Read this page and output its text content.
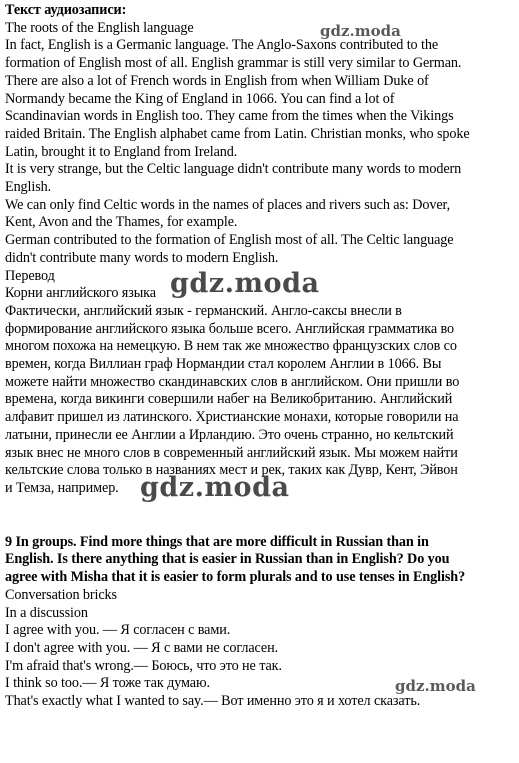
Текст аудиозаписи:
The roots of the English language
In fact, English is a Germanic language. The Anglo-Saxons contributed to the
formation of English most of all. English grammar is still very similar to German.
There are also a lot of French words in English from when William Duke of
Normandy became the King of England in 1066. You can find a lot of
Scandinavian words in English too. They came from the times when the Vikings
raided Britain. The English alphabet came from Latin. Christian monks, who spoke
Latin, brought it to England from Ireland.
It is very strange, but the Celtic language didn't contribute many words to modern
English.
We can only find Celtic words in the names of places and rivers such as: Dover,
Kent, Avon and the Thames, for example.
German contributed to the formation of English most of all. The Celtic language
didn't contribute many words to modern English.
Перевод
Корни английского языка
Фактически, английский язык - германский. Англо-саксы внесли в
формирование английского языка больше всего. Английская грамматика во
многом похожа на немецкую. В нем так же множество французских слов со
времен, когда Виллиан граф Нормандии стал королем Англии в 1066. Вы
можете найти множество скандинавских слов в английском. Они пришли во
времена, когда викинги совершили набег на Великобританию. Английский
алфавит пришел из латинского. Христианские монахи, которые говорили на
латыни, принесли ее Англии а Ирландию. Это очень странно, но кельтский
язык внес не много слов в современный английский язык. Мы можем найти
кельтские слова только в названиях мест и рек, таких как Дувр, Кент, Эйвон
и Темза, например.
9 In groups. Find more things that are more difficult in Russian than in
English. Is there anything that is easier in Russian than in English? Do you
agree with Misha that it is easier to form plurals and to use tenses in English?
Conversation bricks
In a discussion
I agree with you. — Я согласен с вами.
I don't agree with you. — Я с вами не согласен.
I'm afraid that's wrong.— Боюсь, что это не так.
I think so too.— Я тоже так думаю.
That's exactly what I wanted to say.— Вот именно это я и хотел сказать.
gdz.moda
gdz.moda
gdz.moda
gdz.moda
